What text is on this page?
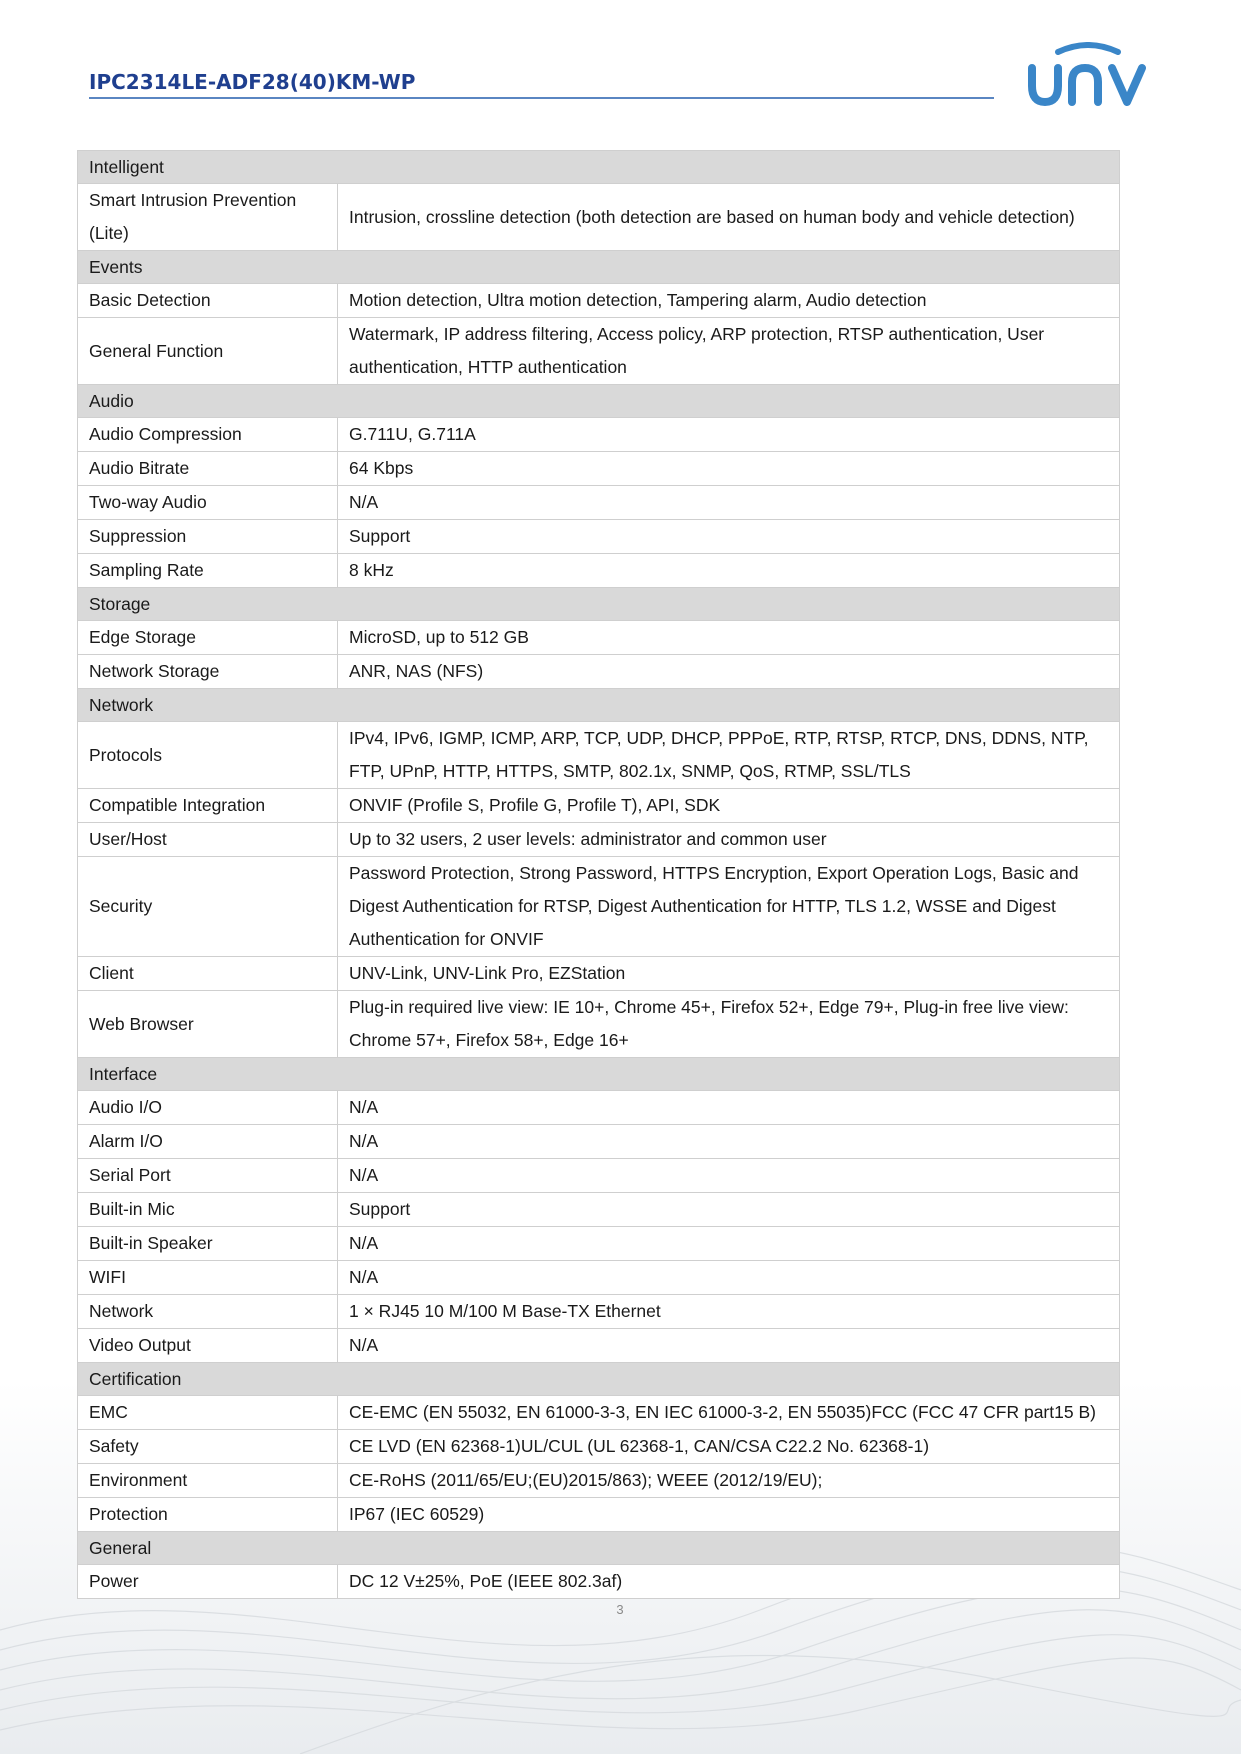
IPC2314LE-ADF28(40)KM-WP
Intelligent	
Smart Intrusion Prevention (Lite)	Intrusion, crossline detection (both detection are based on human body and vehicle detection)
Events	
Basic Detection	Motion detection, Ultra motion detection, Tampering alarm, Audio detection
General Function	Watermark, IP address filtering, Access policy, ARP protection, RTSP authentication, User authentication, HTTP authentication
Audio	
Audio Compression	G.711U, G.711A
Audio Bitrate	64 Kbps
Two-way Audio	N/A
Suppression	Support
Sampling Rate	8 kHz
Storage	
Edge Storage	MicroSD, up to 512 GB
Network Storage	ANR, NAS (NFS)
Network	
Protocols	IPv4, IPv6, IGMP, ICMP, ARP, TCP, UDP, DHCP, PPPoE, RTP, RTSP, RTCP, DNS, DDNS, NTP, FTP, UPnP, HTTP, HTTPS, SMTP, 802.1x, SNMP, QoS, RTMP, SSL/TLS
Compatible Integration	ONVIF (Profile S, Profile G, Profile T), API, SDK
User/Host	Up to 32 users, 2 user levels: administrator and common user
Security	Password Protection, Strong Password, HTTPS Encryption, Export Operation Logs, Basic and Digest Authentication for RTSP, Digest Authentication for HTTP, TLS 1.2, WSSE and Digest Authentication for ONVIF
Client	UNV-Link, UNV-Link Pro, EZStation
Web Browser	Plug-in required live view: IE 10+, Chrome 45+, Firefox 52+, Edge 79+, Plug-in free live view: Chrome 57+, Firefox 58+, Edge 16+
Interface	
Audio I/O	N/A
Alarm I/O	N/A
Serial Port	N/A
Built-in Mic	Support
Built-in Speaker	N/A
WIFI	N/A
Network	1 × RJ45 10 M/100 M Base-TX Ethernet
Video Output	N/A
Certification	
EMC	CE-EMC (EN 55032, EN 61000-3-3, EN IEC 61000-3-2, EN 55035)FCC (FCC 47 CFR part15 B)
Safety	CE LVD (EN 62368-1)UL/CUL (UL 62368-1, CAN/CSA C22.2 No. 62368-1)
Environment	CE-RoHS (2011/65/EU;(EU)2015/863); WEEE (2012/19/EU);
Protection	IP67 (IEC 60529)
General	
Power	DC 12 V±25%, PoE (IEEE 802.3af)
3
